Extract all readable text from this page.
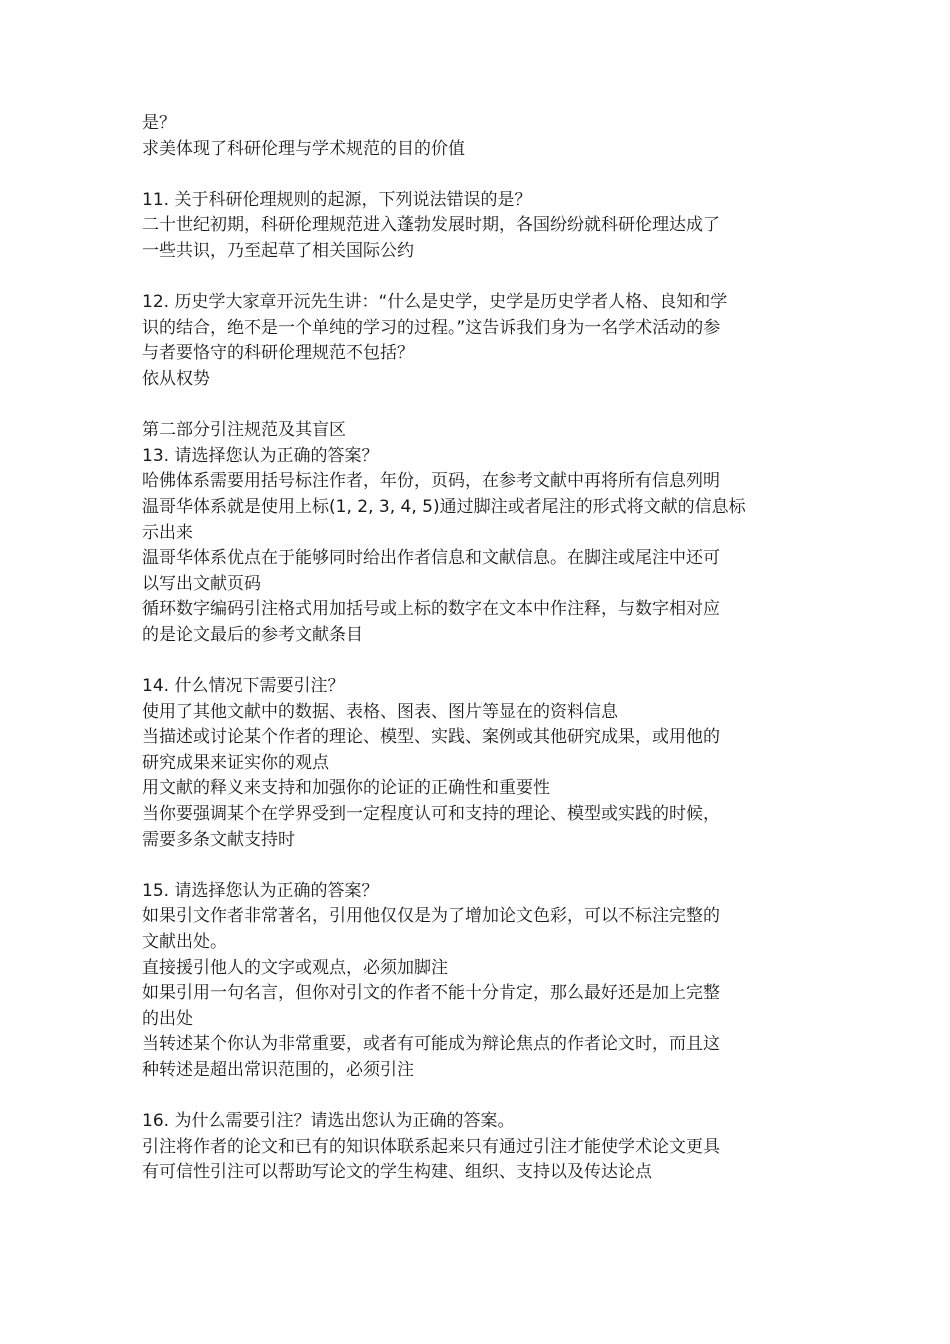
是？
求美体现了科研伦理与学术规范的目的价值
11. 关于科研伦理规则的起源，下列说法错误的是？
二十世纪初期，科研伦理规范进入蓬勃发展时期，各国纷纷就科研伦理达成了
一些共识，乃至起草了相关国际公约
12. 历史学大家章开沅先生讲：“什么是史学，史学是历史学者人格、良知和学
识的结合，绝不是一个单纯的学习的过程。”这告诉我们身为一名学术活动的参
与者要恪守的科研伦理规范不包括？
依从权势
第二部分引注规范及其盲区
13. 请选择您认为正确的答案？
哈佛体系需要用括号标注作者，年份，页码，在参考文献中再将所有信息列明
温哥华体系就是使用上标(1, 2, 3, 4, 5)通过脚注或者尾注的形式将文献的信息标
示出来
温哥华体系优点在于能够同时给出作者信息和文献信息。在脚注或尾注中还可
以写出文献页码
循环数字编码引注格式用加括号或上标的数字在文本中作注释，与数字相对应
的是论文最后的参考文献条目
14. 什么情况下需要引注？
使用了其他文献中的数据、表格、图表、图片等显在的资料信息
当描述或讨论某个作者的理论、模型、实践、案例或其他研究成果，或用他的
研究成果来证实你的观点
用文献的释义来支持和加强你的论证的正确性和重要性
当你要强调某个在学界受到一定程度认可和支持的理论、模型或实践的时候，
需要多条文献支持时
15. 请选择您认为正确的答案？
如果引文作者非常著名，引用他仅仅是为了增加论文色彩，可以不标注完整的
文献出处。
直接援引他人的文字或观点，必须加脚注
如果引用一句名言，但你对引文的作者不能十分肯定，那么最好还是加上完整
的出处
当转述某个你认为非常重要，或者有可能成为辩论焦点的作者论文时，而且这
种转述是超出常识范围的，必须引注
16. 为什么需要引注？请选出您认为正确的答案。
引注将作者的论文和已有的知识体联系起来只有通过引注才能使学术论文更具
有可信性引注可以帮助写论文的学生构建、组织、支持以及传达论点
